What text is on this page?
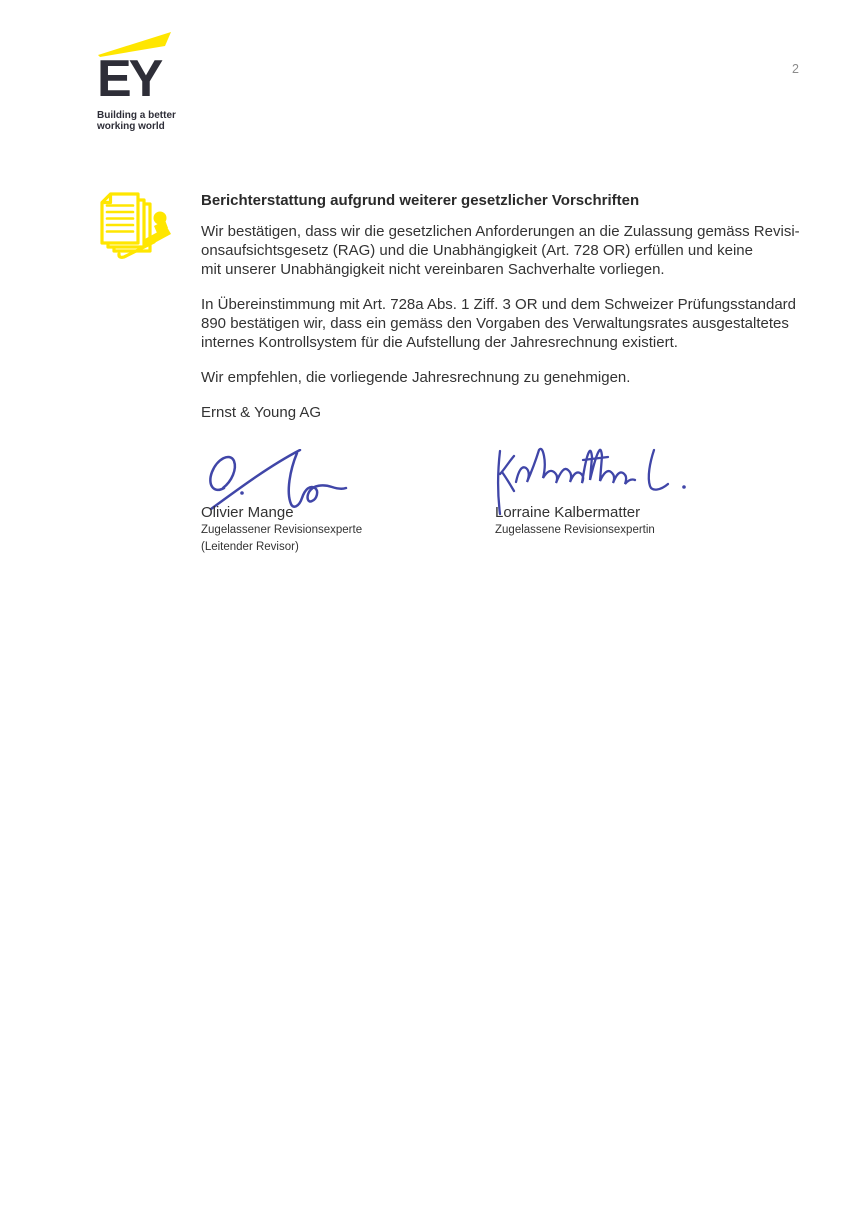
EY
Building a better
working world
2
Berichterstattung aufgrund weiterer gesetzlicher Vorschriften

Wir bestätigen, dass wir die gesetzlichen Anforderungen an die Zulassung gemäss Revisi-
onsaufsichtsgesetz (RAG) und die Unabhängigkeit (Art. 728 OR) erfüllen und keine
mit unserer Unabhängigkeit nicht vereinbaren Sachverhalte vorliegen.

In Übereinstimmung mit Art. 728a Abs. 1 Ziff. 3 OR und dem Schweizer Prüfungsstandard
890 bestätigen wir, dass ein gemäss den Vorgaben des Verwaltungsrates ausgestaltetes
internes Kontrollsystem für die Aufstellung der Jahresrechnung existiert.

Wir empfehlen, die vorliegende Jahresrechnung zu genehmigen.

Ernst & Young AG

Olivier Mange
Zugelassener Revisionsexperte
(Leitender Revisor)
Lorraine Kalbermatter
Zugelassene Revisionsexpertin
